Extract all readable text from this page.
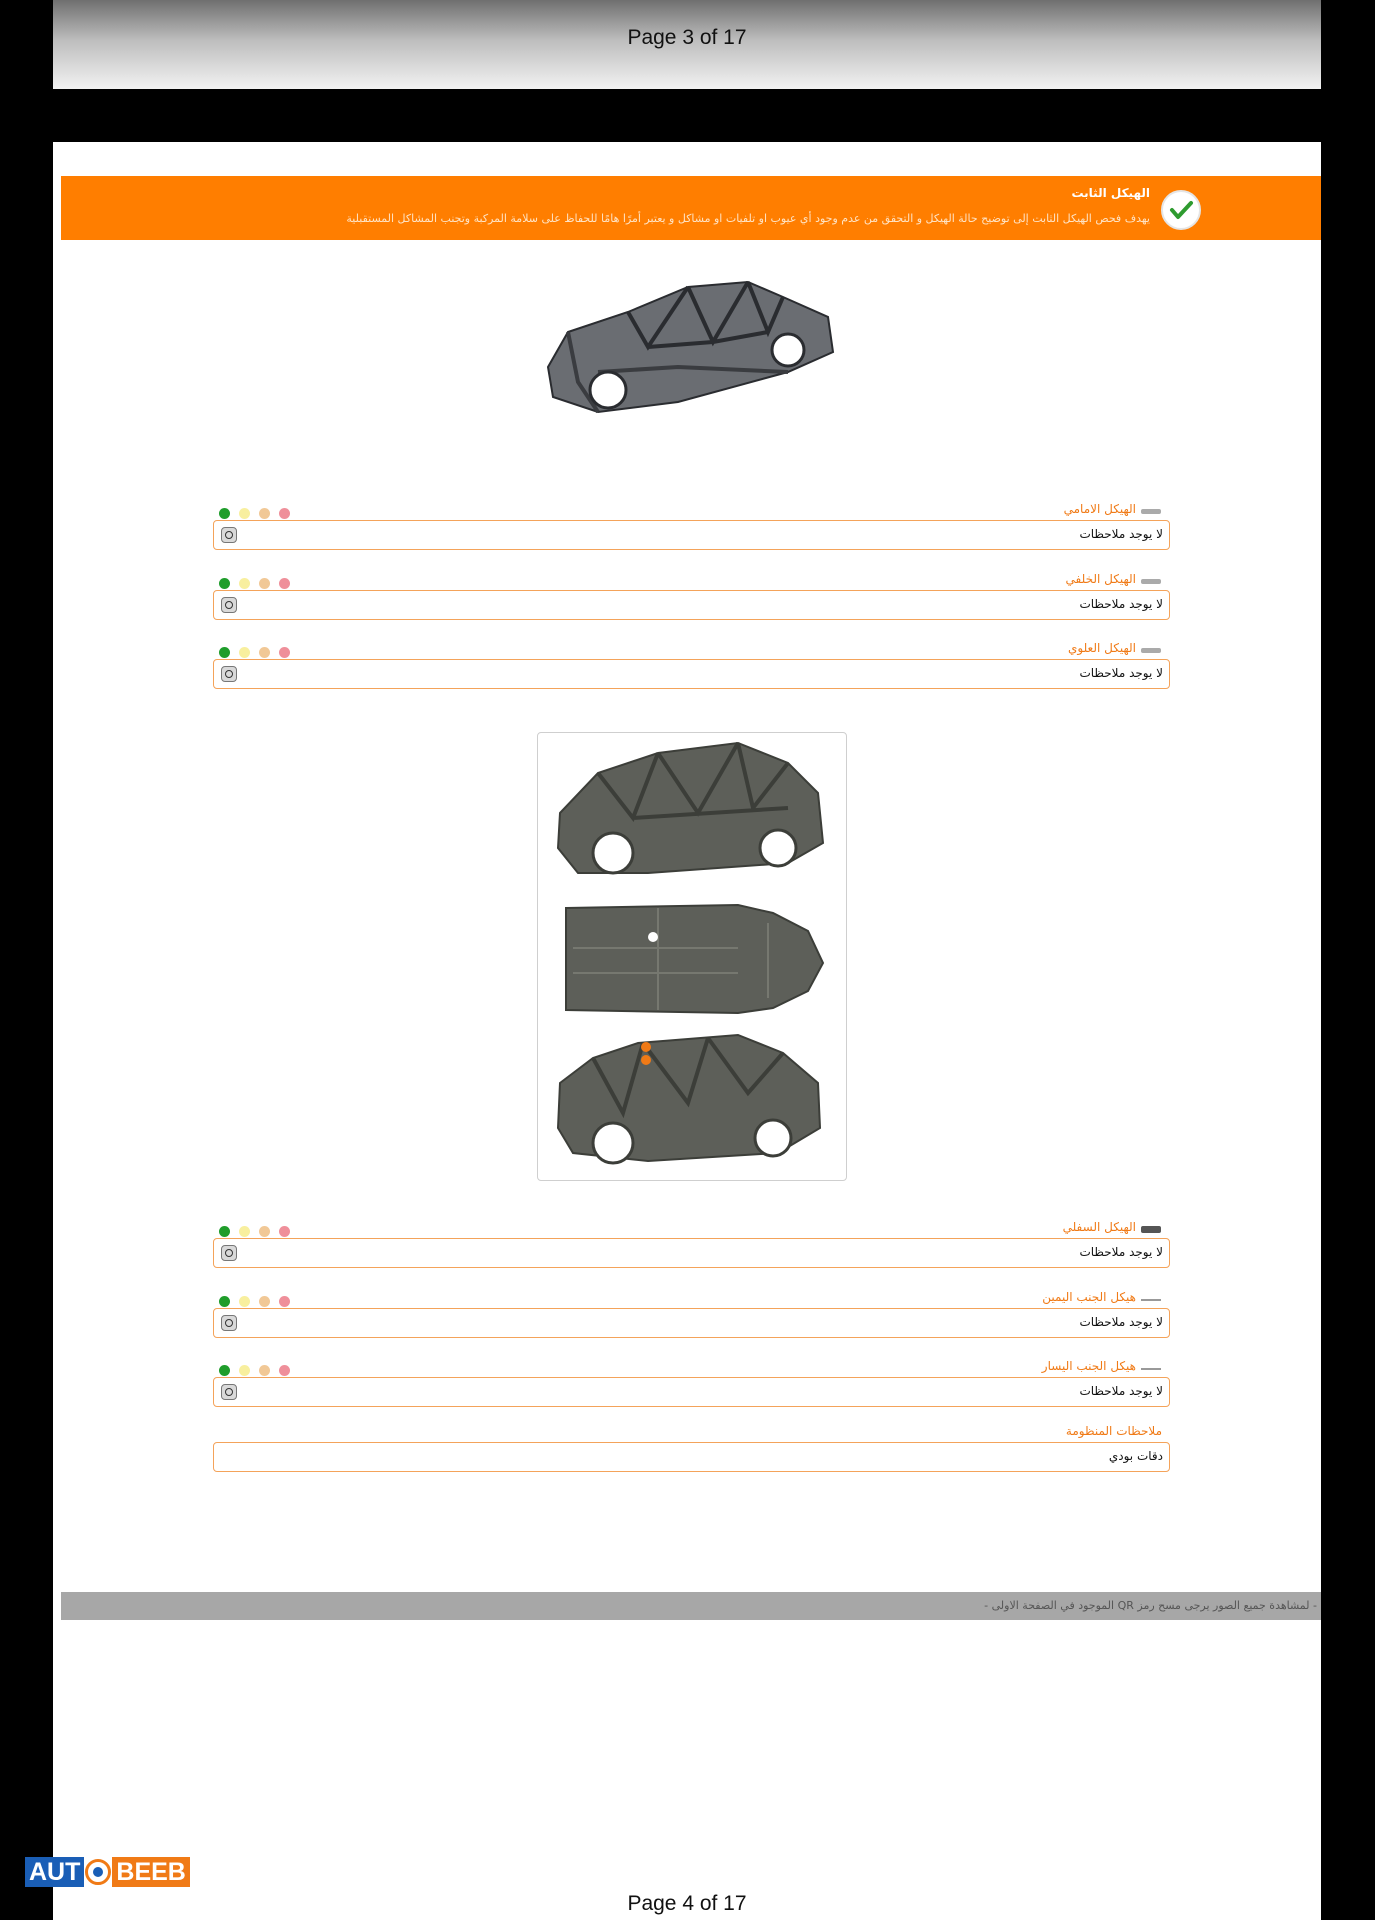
Page 3 of 17
الهيكل الثابت
يهدف فحص الهيكل الثابت إلى توضيح حالة الهيكل و التحقق من عدم وجود أي عيوب او تلفيات او مشاكل و يعتبر أمرًا هامًا للحفاظ على سلامة المركبة وتجنب المشاكل المستقبلية
الهيكل الامامي
لا يوجد ملاحظات
الهيكل الخلفي
لا يوجد ملاحظات
الهيكل العلوي
لا يوجد ملاحظات
الهيكل السفلي
لا يوجد ملاحظات
هيكل الجنب اليمين
لا يوجد ملاحظات
هيكل الجنب اليسار
لا يوجد ملاحظات
ملاحظات المنظومة
دقات بودي
- لمشاهدة جميع الصور يرجى مسح رمز QR الموجود في الصفحة الاولى -
Page 4 of 17
AUT BEEB
